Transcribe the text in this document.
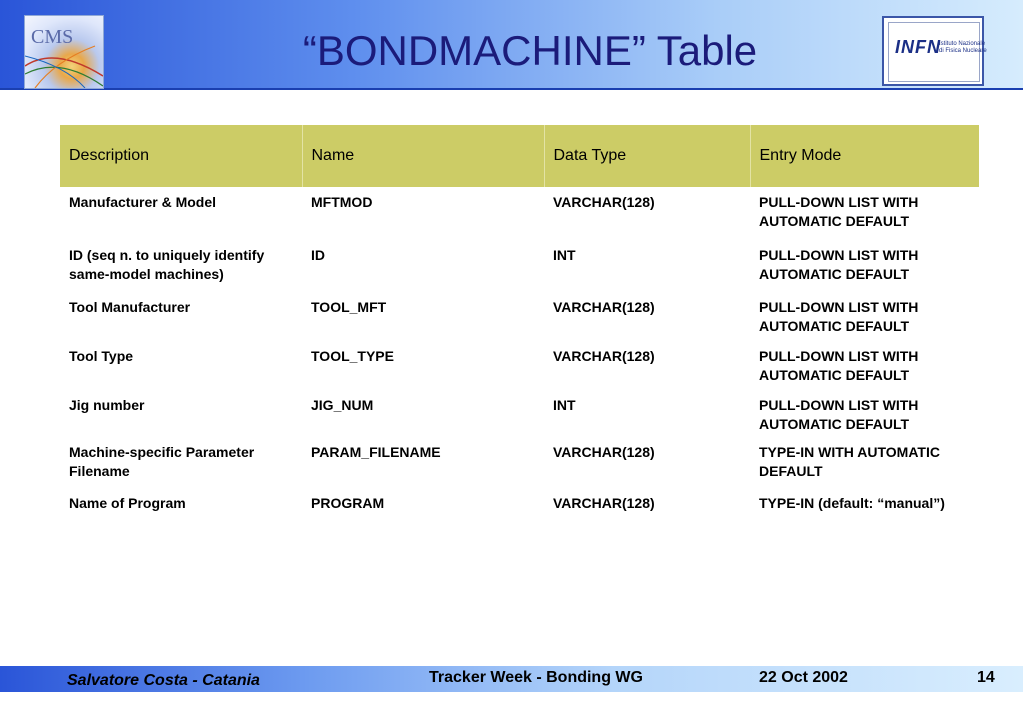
CMS	“BONDMACHINE” Table	INFN
Istituto Nazionale
di Fisica Nucleare
Description	Name	Data Type	Entry Mode
Manufacturer & Model	MFTMOD	VARCHAR(128)	PULL-DOWN LIST WITH AUTOMATIC DEFAULT
ID (seq n. to uniquely identify same-model machines)	ID	INT	PULL-DOWN LIST WITH AUTOMATIC DEFAULT
Tool Manufacturer	TOOL_MFT	VARCHAR(128)	PULL-DOWN LIST WITH AUTOMATIC DEFAULT
Tool Type	TOOL_TYPE	VARCHAR(128)	PULL-DOWN LIST WITH AUTOMATIC DEFAULT
Jig number	JIG_NUM	INT	PULL-DOWN LIST WITH AUTOMATIC DEFAULT
Machine-specific Parameter Filename	PARAM_FILENAME	VARCHAR(128)	TYPE-IN WITH AUTOMATIC DEFAULT
Name of Program	PROGRAM	VARCHAR(128)	TYPE-IN (default: “manual”)
Salvatore Costa - Catania	Tracker Week - Bonding WG	22 Oct 2002	14
